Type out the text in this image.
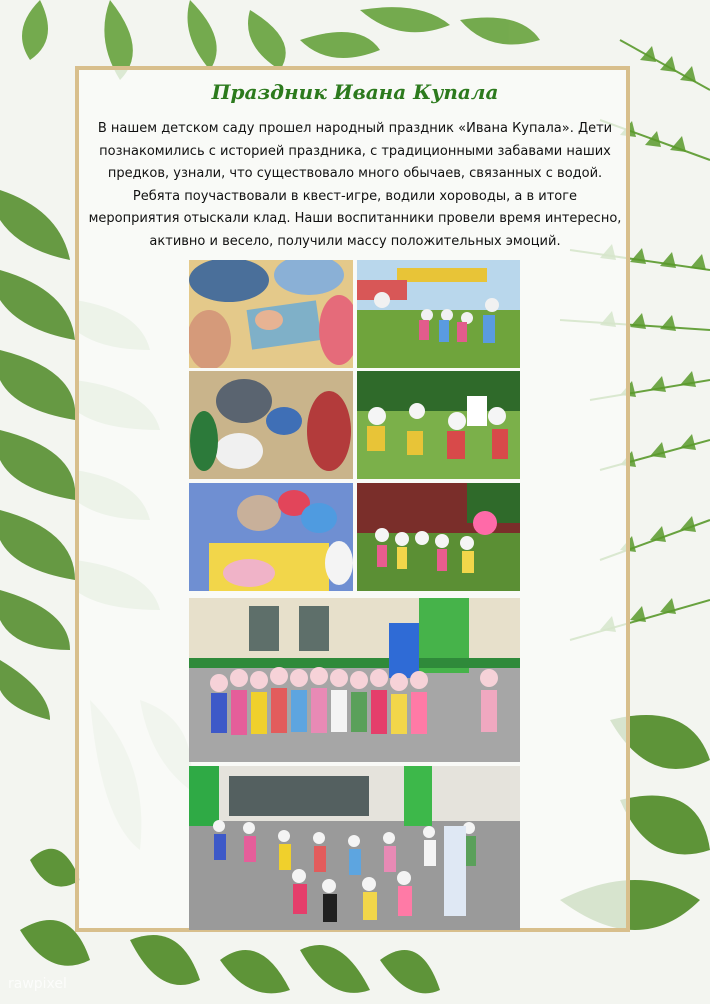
Праздник Ивана Купала
В нашем детском саду прошел народный праздник «Ивана Купала». Дети познакомились с историей праздника, с традиционными забавами наших предков, узнали, что существовало много обычаев, связанных с водой. Ребята поучаствовали в квест-игре, водили хороводы, а в итоге мероприятия отыскали клад. Наши воспитанники провели время интересно, активно и весело, получили массу положительных эмоций.
rawpixel
